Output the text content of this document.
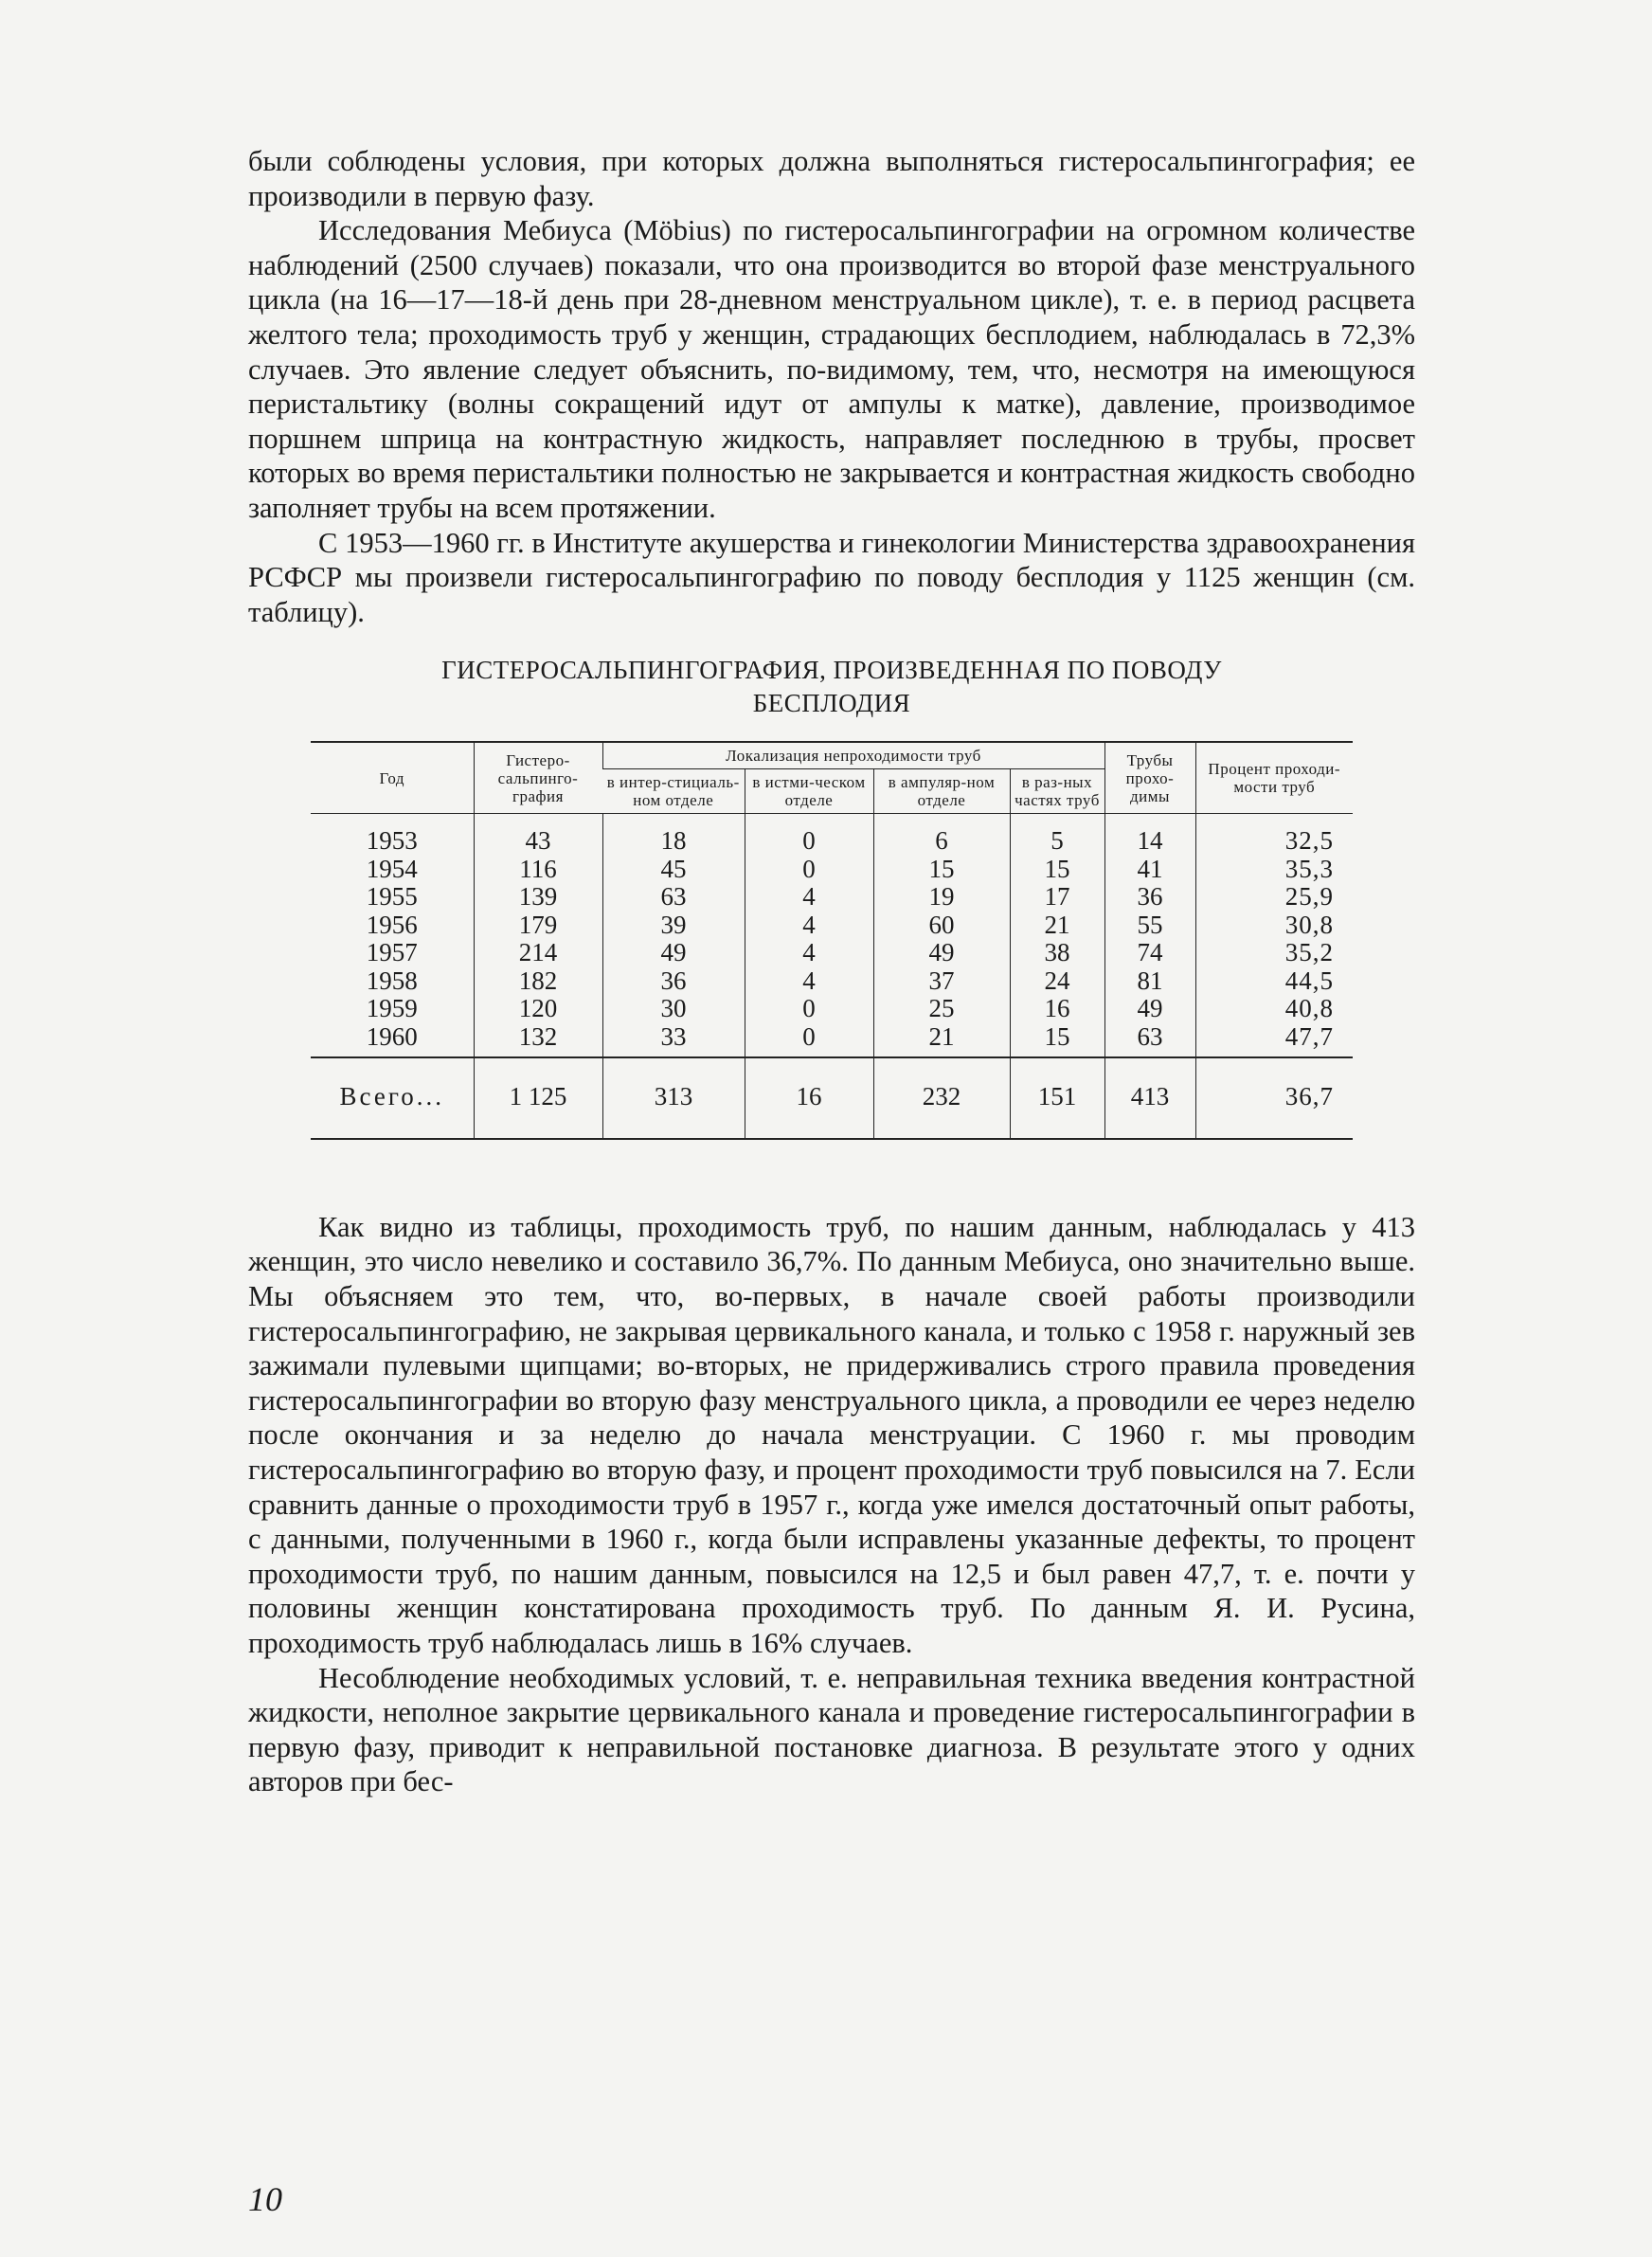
были соблюдены условия, при которых должна выполняться гистеросальпингография; ее производили в первую фазу.

Исследования Мебиуса (Möbius) по гистеросальпингографии на огромном количестве наблюдений (2500 случаев) показали, что она производится во второй фазе менструального цикла (на 16—17—18-й день при 28-дневном менструальном цикле), т. е. в период расцвета желтого тела; проходимость труб у женщин, страдающих бесплодием, наблюдалась в 72,3% случаев. Это явление следует объяснить, по-видимому, тем, что, несмотря на имеющуюся перистальтику (волны сокращений идут от ампулы к матке), давление, производимое поршнем шприца на контрастную жидкость, направляет последнюю в трубы, просвет которых во время перистальтики полностью не закрывается и контрастная жидкость свободно заполняет трубы на всем протяжении.

С 1953—1960 гг. в Институте акушерства и гинекологии Министерства здравоохранения РСФСР мы произвели гистеросальпингографию по поводу бесплодия у 1125 женщин (см. таблицу).

ГИСТЕРОСАЛЬПИНГОГРАФИЯ, ПРОИЗВЕДЕННАЯ ПО ПОВОДУ
БЕСПЛОДИЯ
Год	Гистеро-сальпинго-графия	Локализация непроходимости труб				Трубы прохо-димы	Процент проходи-мости труб
		в интер-стициаль-ном отделе	в истми-ческом отделе	в ампуляр-ном отделе	в раз-ных частях труб		
1953	43	18	0	6	5	14	32,5
1954	116	45	0	15	15	41	35,3
1955	139	63	4	19	17	36	25,9
1956	179	39	4	60	21	55	30,8
1957	214	49	4	49	38	74	35,2
1958	182	36	4	37	24	81	44,5
1959	120	30	0	25	16	49	40,8
1960	132	33	0	21	15	63	47,7
Всего...	1 125	313	16	232	151	413	36,7

Как видно из таблицы, проходимость труб, по нашим данным, наблюдалась у 413 женщин, это число невелико и составило 36,7%. По данным Мебиуса, оно значительно выше. Мы объясняем это тем, что, во-первых, в начале своей работы производили гистеросальпингографию, не закрывая цервикального канала, и только с 1958 г. наружный зев зажимали пулевыми щипцами; во-вторых, не придерживались строго правила проведения гистеросальпингографии во вторую фазу менструального цикла, а проводили ее через неделю после окончания и за неделю до начала менструации. С 1960 г. мы проводим гистеросальпингографию во вторую фазу, и процент проходимости труб повысился на 7. Если сравнить данные о проходимости труб в 1957 г., когда уже имелся достаточный опыт работы, с данными, полученными в 1960 г., когда были исправлены указанные дефекты, то процент проходимости труб, по нашим данным, повысился на 12,5 и был равен 47,7, т. е. почти у половины женщин констатирована проходимость труб. По данным Я. И. Русина, проходимость труб наблюдалась лишь в 16% случаев.

Несоблюдение необходимых условий, т. е. неправильная техника введения контрастной жидкости, неполное закрытие цервикального канала и проведение гистеросальпингографии в первую фазу, приводит к неправильной постановке диагноза. В результате этого у одних авторов при бес-

10
